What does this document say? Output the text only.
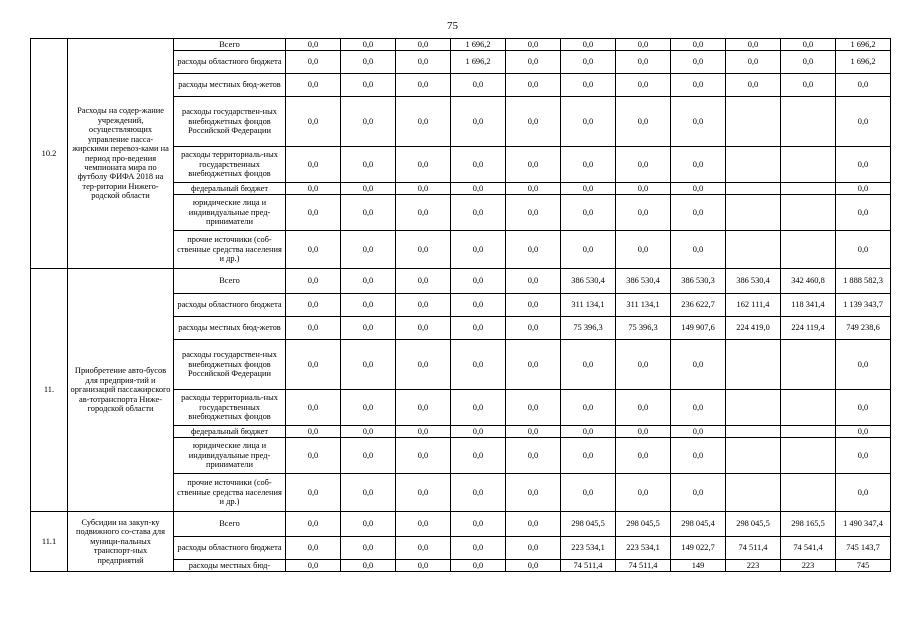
75
10.2	Расходы на содер-жание учреждений, осуществляющих управление пасса-жирскими перевоз-ками на период про-ведения чемпионата мира по футболу ФИФА 2018 на тер-ритории Нижего-родской области	Всего	0,0	0,0	0,0	1 696,2	0,0	0,0	0,0	0,0	0,0	0,0	1 696,2
		расходы областного бюджета	0,0	0,0	0,0	1 696,2	0,0	0,0	0,0	0,0	0,0	0,0	1 696,2
		расходы местных бюд-жетов	0,0	0,0	0,0	0,0	0,0	0,0	0,0	0,0	0,0	0,0	0,0
		расходы государствен-ных внебюджетных фондов Российской Федерации	0,0	0,0	0,0	0,0	0,0	0,0	0,0	0,0			0,0
		расходы территориаль-ных государственных внебюджетных фондов	0,0	0,0	0,0	0,0	0,0	0,0	0,0	0,0			0,0
		федеральный бюджет	0,0	0,0	0,0	0,0	0,0	0,0	0,0	0,0			0,0
		юридические лица и индивидуальные пред-приниматели	0,0	0,0	0,0	0,0	0,0	0,0	0,0	0,0			0,0
		прочие источники (соб-ственные средства населения и др.)	0,0	0,0	0,0	0,0	0,0	0,0	0,0	0,0			0,0
11.	Приобретение авто-бусов для предприя-тий и организаций пассажирского ав-тотранспорта Ниже-городской области	Всего	0,0	0,0	0,0	0,0	0,0	386 530,4	386 530,4	386 530,3	386 530,4	342 460,8	1 888 582,3
		расходы областного бюджета	0,0	0,0	0,0	0,0	0,0	311 134,1	311 134,1	236 622,7	162 111,4	118 341,4	1 139 343,7
		расходы местных бюд-жетов	0,0	0,0	0,0	0,0	0,0	75 396,3	75 396,3	149 907,6	224 419,0	224 119,4	749 238,6
		расходы государствен-ных внебюджетных фондов Российской Федерации	0,0	0,0	0,0	0,0	0,0	0,0	0,0	0,0			0,0
		расходы территориаль-ных государственных внебюджетных фондов	0,0	0,0	0,0	0,0	0,0	0,0	0,0	0,0			0,0
		федеральный бюджет	0,0	0,0	0,0	0,0	0,0	0,0	0,0	0,0			0,0
		юридические лица и индивидуальные пред-приниматели	0,0	0,0	0,0	0,0	0,0	0,0	0,0	0,0			0,0
		прочие источники (соб-ственные средства населения и др.)	0,0	0,0	0,0	0,0	0,0	0,0	0,0	0,0			0,0
11.1	Субсидии на закуп-ку подвижного со-става для муници-пальных транспорт-ных предприятий	Всего	0,0	0,0	0,0	0,0	0,0	298 045,5	298 045,5	298 045,4	298 045,5	298 165,5	1 490 347,4
		расходы областного бюджета	0,0	0,0	0,0	0,0	0,0	223 534,1	223 534,1	149 022,7	74 511,4	74 541,4	745 143,7
		расходы местных бюд-	0,0	0,0	0,0	0,0	0,0	74 511,4	74 511,4	149	223	223	745
